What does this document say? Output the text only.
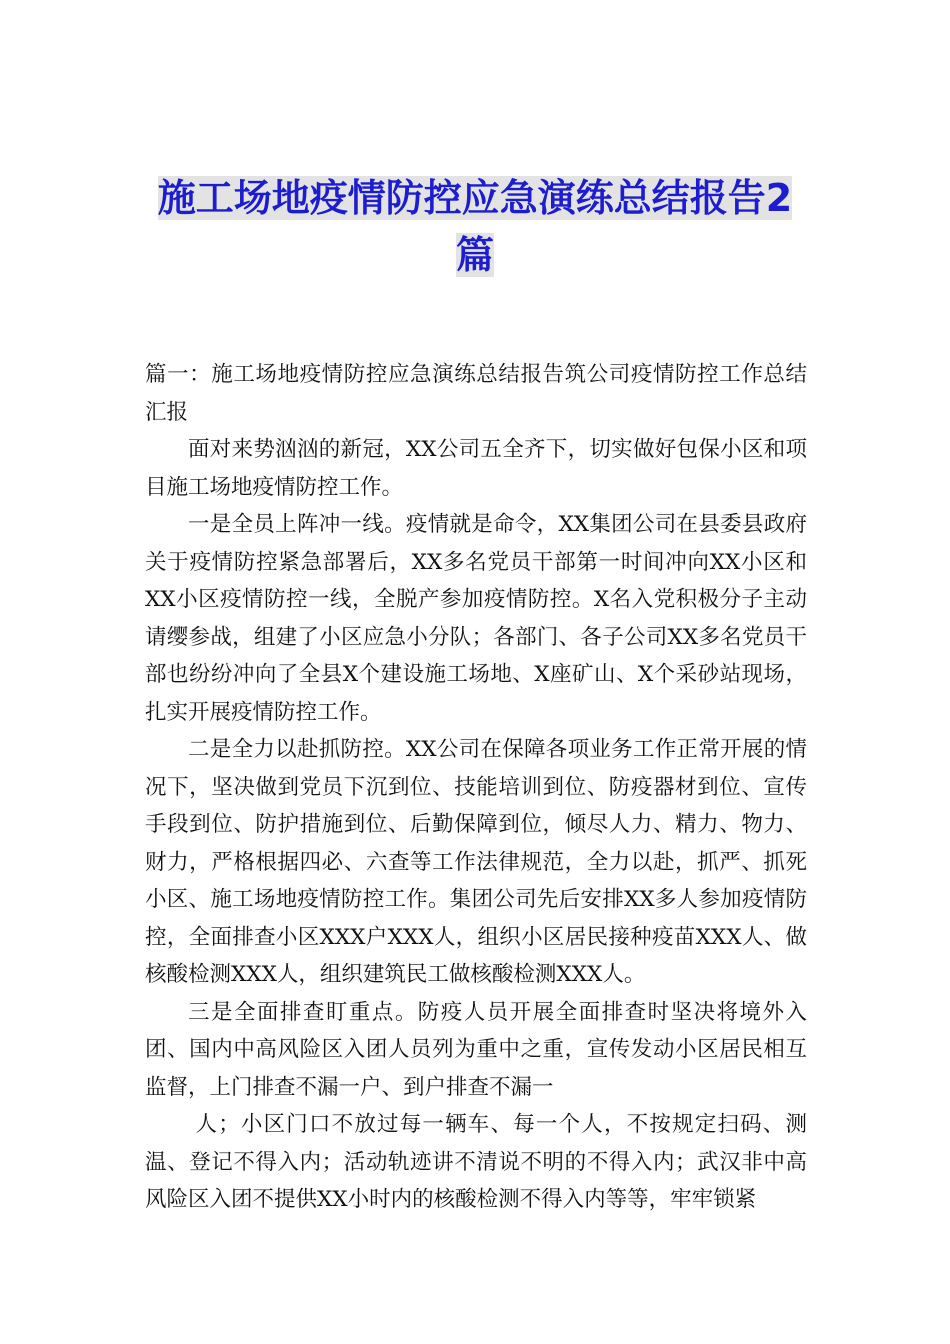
施工场地疫情防控应急演练总结报告2
篇

篇一：施工场地疫情防控应急演练总结报告筑公司疫情防控工作总结汇报

面对来势汹汹的新冠，XX公司五全齐下，切实做好包保小区和项目施工场地疫情防控工作。

一是全员上阵冲一线。疫情就是命令，XX集团公司在县委县政府关于疫情防控紧急部署后，XX多名党员干部第一时间冲向XX小区和XX小区疫情防控一线，全脱产参加疫情防控。X名入党积极分子主动请缨参战，组建了小区应急小分队；各部门、各子公司XX多名党员干部也纷纷冲向了全县X个建设施工场地、X座矿山、X个采砂站现场，扎实开展疫情防控工作。

二是全力以赴抓防控。XX公司在保障各项业务工作正常开展的情况下，坚决做到党员下沉到位、技能培训到位、防疫器材到位、宣传手段到位、防护措施到位、后勤保障到位，倾尽人力、精力、物力、财力，严格根据四必、六查等工作法律规范，全力以赴，抓严、抓死小区、施工场地疫情防控工作。集团公司先后安排XX多人参加疫情防控，全面排查小区XXX户XXX人，组织小区居民接种疫苗XXX人、做核酸检测XXX人，组织建筑民工做核酸检测XXX人。

三是全面排查盯重点。防疫人员开展全面排查时坚决将境外入团、国内中高风险区入团人员列为重中之重，宣传发动小区居民相互监督，上门排查不漏一户、到户排查不漏一

人；小区门口不放过每一辆车、每一个人，不按规定扫码、测温、登记不得入内；活动轨迹讲不清说不明的不得入内；武汉非中高风险区入团不提供XX小时内的核酸检测不得入内等等，牢牢锁紧
